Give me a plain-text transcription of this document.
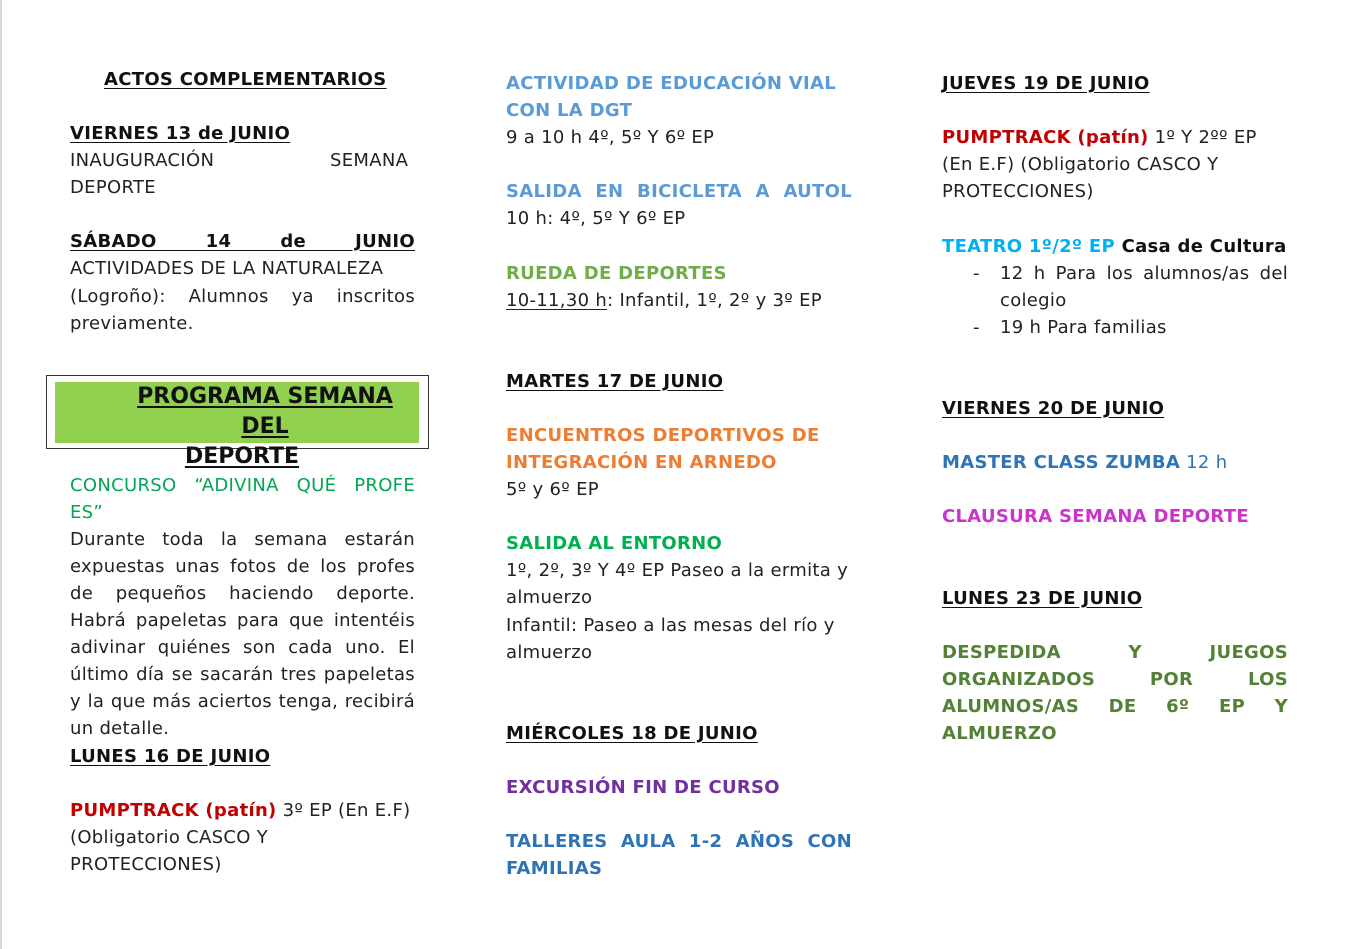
ACTOS COMPLEMENTARIOS

VIERNES 13 de JUNIO

INAUGURACIÓN	SEMANA

DEPORTE

SÁBADO 14 de JUNIO

ACTIVIDADES DE LA NATURALEZA

(Logroño): Alumnos ya inscritos previamente.

CONCURSO “ADIVINA QUÉ PROFE ES”

Durante toda la semana estarán expuestas unas fotos de los profes de pequeños haciendo deporte. Habrá papeletas para que intentéis adivinar quiénes son cada uno. El último día se sacarán tres papeletas y la que más aciertos tenga, recibirá un detalle.

LUNES 16 DE JUNIO

PUMPTRACK (patín) 3º EP (En E.F)

(Obligatorio CASCO Y

PROTECCIONES)

PROGRAMA SEMANA DEL
DEPORTE

ACTIVIDAD DE EDUCACIÓN VIAL CON LA DGT

9 a 10 h 4º, 5º Y 6º EP

SALIDA EN BICICLETA A AUTOL

10 h: 4º, 5º Y 6º EP

RUEDA DE DEPORTES

10-11,30 h: Infantil, 1º, 2º y 3º EP

MARTES 17 DE JUNIO

ENCUENTROS DEPORTIVOS DE INTEGRACIÓN EN ARNEDO

5º y 6º EP

SALIDA AL ENTORNO

1º, 2º, 3º Y 4º EP Paseo a la ermita y almuerzo

Infantil: Paseo a las mesas del río y almuerzo

MIÉRCOLES 18 DE JUNIO

EXCURSIÓN FIN DE CURSO

TALLERES AULA 1-2 AÑOS CON FAMILIAS

JUEVES 19 DE JUNIO

PUMPTRACK (patín) 1º Y 2ºº EP

(En E.F) (Obligatorio CASCO Y

PROTECCIONES)

TEATRO 1º/2º EP Casa de Cultura

- 12 h Para los alumnos/as del colegio
- 19 h Para familias

VIERNES 20 DE JUNIO

MASTER CLASS ZUMBA 12 h

CLAUSURA SEMANA DEPORTE

LUNES 23 DE JUNIO

DESPEDIDA Y JUEGOS ORGANIZADOS POR LOS ALUMNOS/AS DE 6º EP Y ALMUERZO
